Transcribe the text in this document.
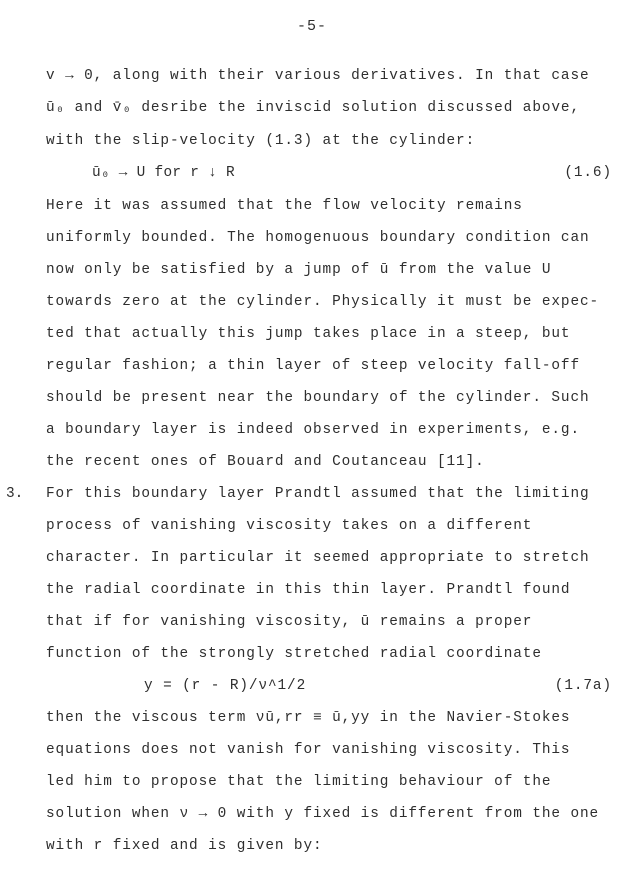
-5-
v → 0, along with their various derivatives. In that case
ū₀ and v̄₀ desribe the inviscid solution discussed above,
with the slip-velocity (1.3) at the cylinder:
ū₀ → U for r ↓ R	(1.6)
Here it was assumed that the flow velocity remains
uniformly bounded. The homogenuous boundary condition can
now only be satisfied by a jump of ū from the value U
towards zero at the cylinder. Physically it must be expec-
ted that actually this jump takes place in a steep, but
regular fashion; a thin layer of steep velocity fall-off
should be present near the boundary of the cylinder. Such
a boundary layer is indeed observed in experiments, e.g.
the recent ones of Bouard and Coutanceau [11].
3. For this boundary layer Prandtl assumed that the limiting
process of vanishing viscosity takes on a different
character. In particular it seemed appropriate to stretch
the radial coordinate in this thin layer. Prandtl found
that if for vanishing viscosity, ū remains a proper
function of the strongly stretched radial coordinate
y = (r - R)/ν^1/2	(1.7a)
then the viscous term νū,rr ≡ ū,yy in the Navier-Stokes
equations does not vanish for vanishing viscosity. This
led him to propose that the limiting behaviour of the
solution when ν → 0 with y fixed is different from the one
with r fixed and is given by:
